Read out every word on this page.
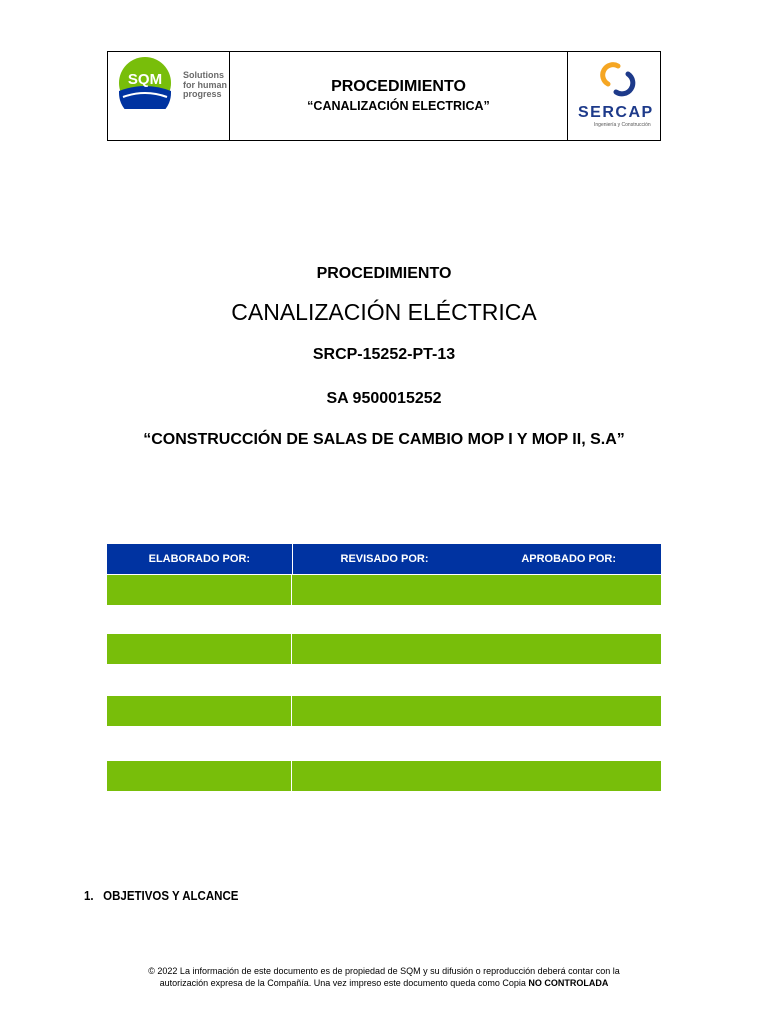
SQM Solutions
for human
progress	PROCEDIMIENTO
“CANALIZACIÓN ELECTRICA”	SERCAP
Ingeniería y Construcción
PROCEDIMIENTO
CANALIZACIÓN ELÉCTRICA
SRCP-15252-PT-13
SA 9500015252
“CONSTRUCCIÓN DE SALAS DE CAMBIO MOP I Y MOP II, S.A”
ELABORADO POR:	REVISADO POR:	APROBADO POR:
1.   OBJETIVOS Y ALCANCE
© 2022 La información de este documento es de propiedad de SQM y su difusión o reproducción deberá contar con la
autorización expresa de la Compañía. Una vez impreso este documento queda como Copia NO CONTROLADA
